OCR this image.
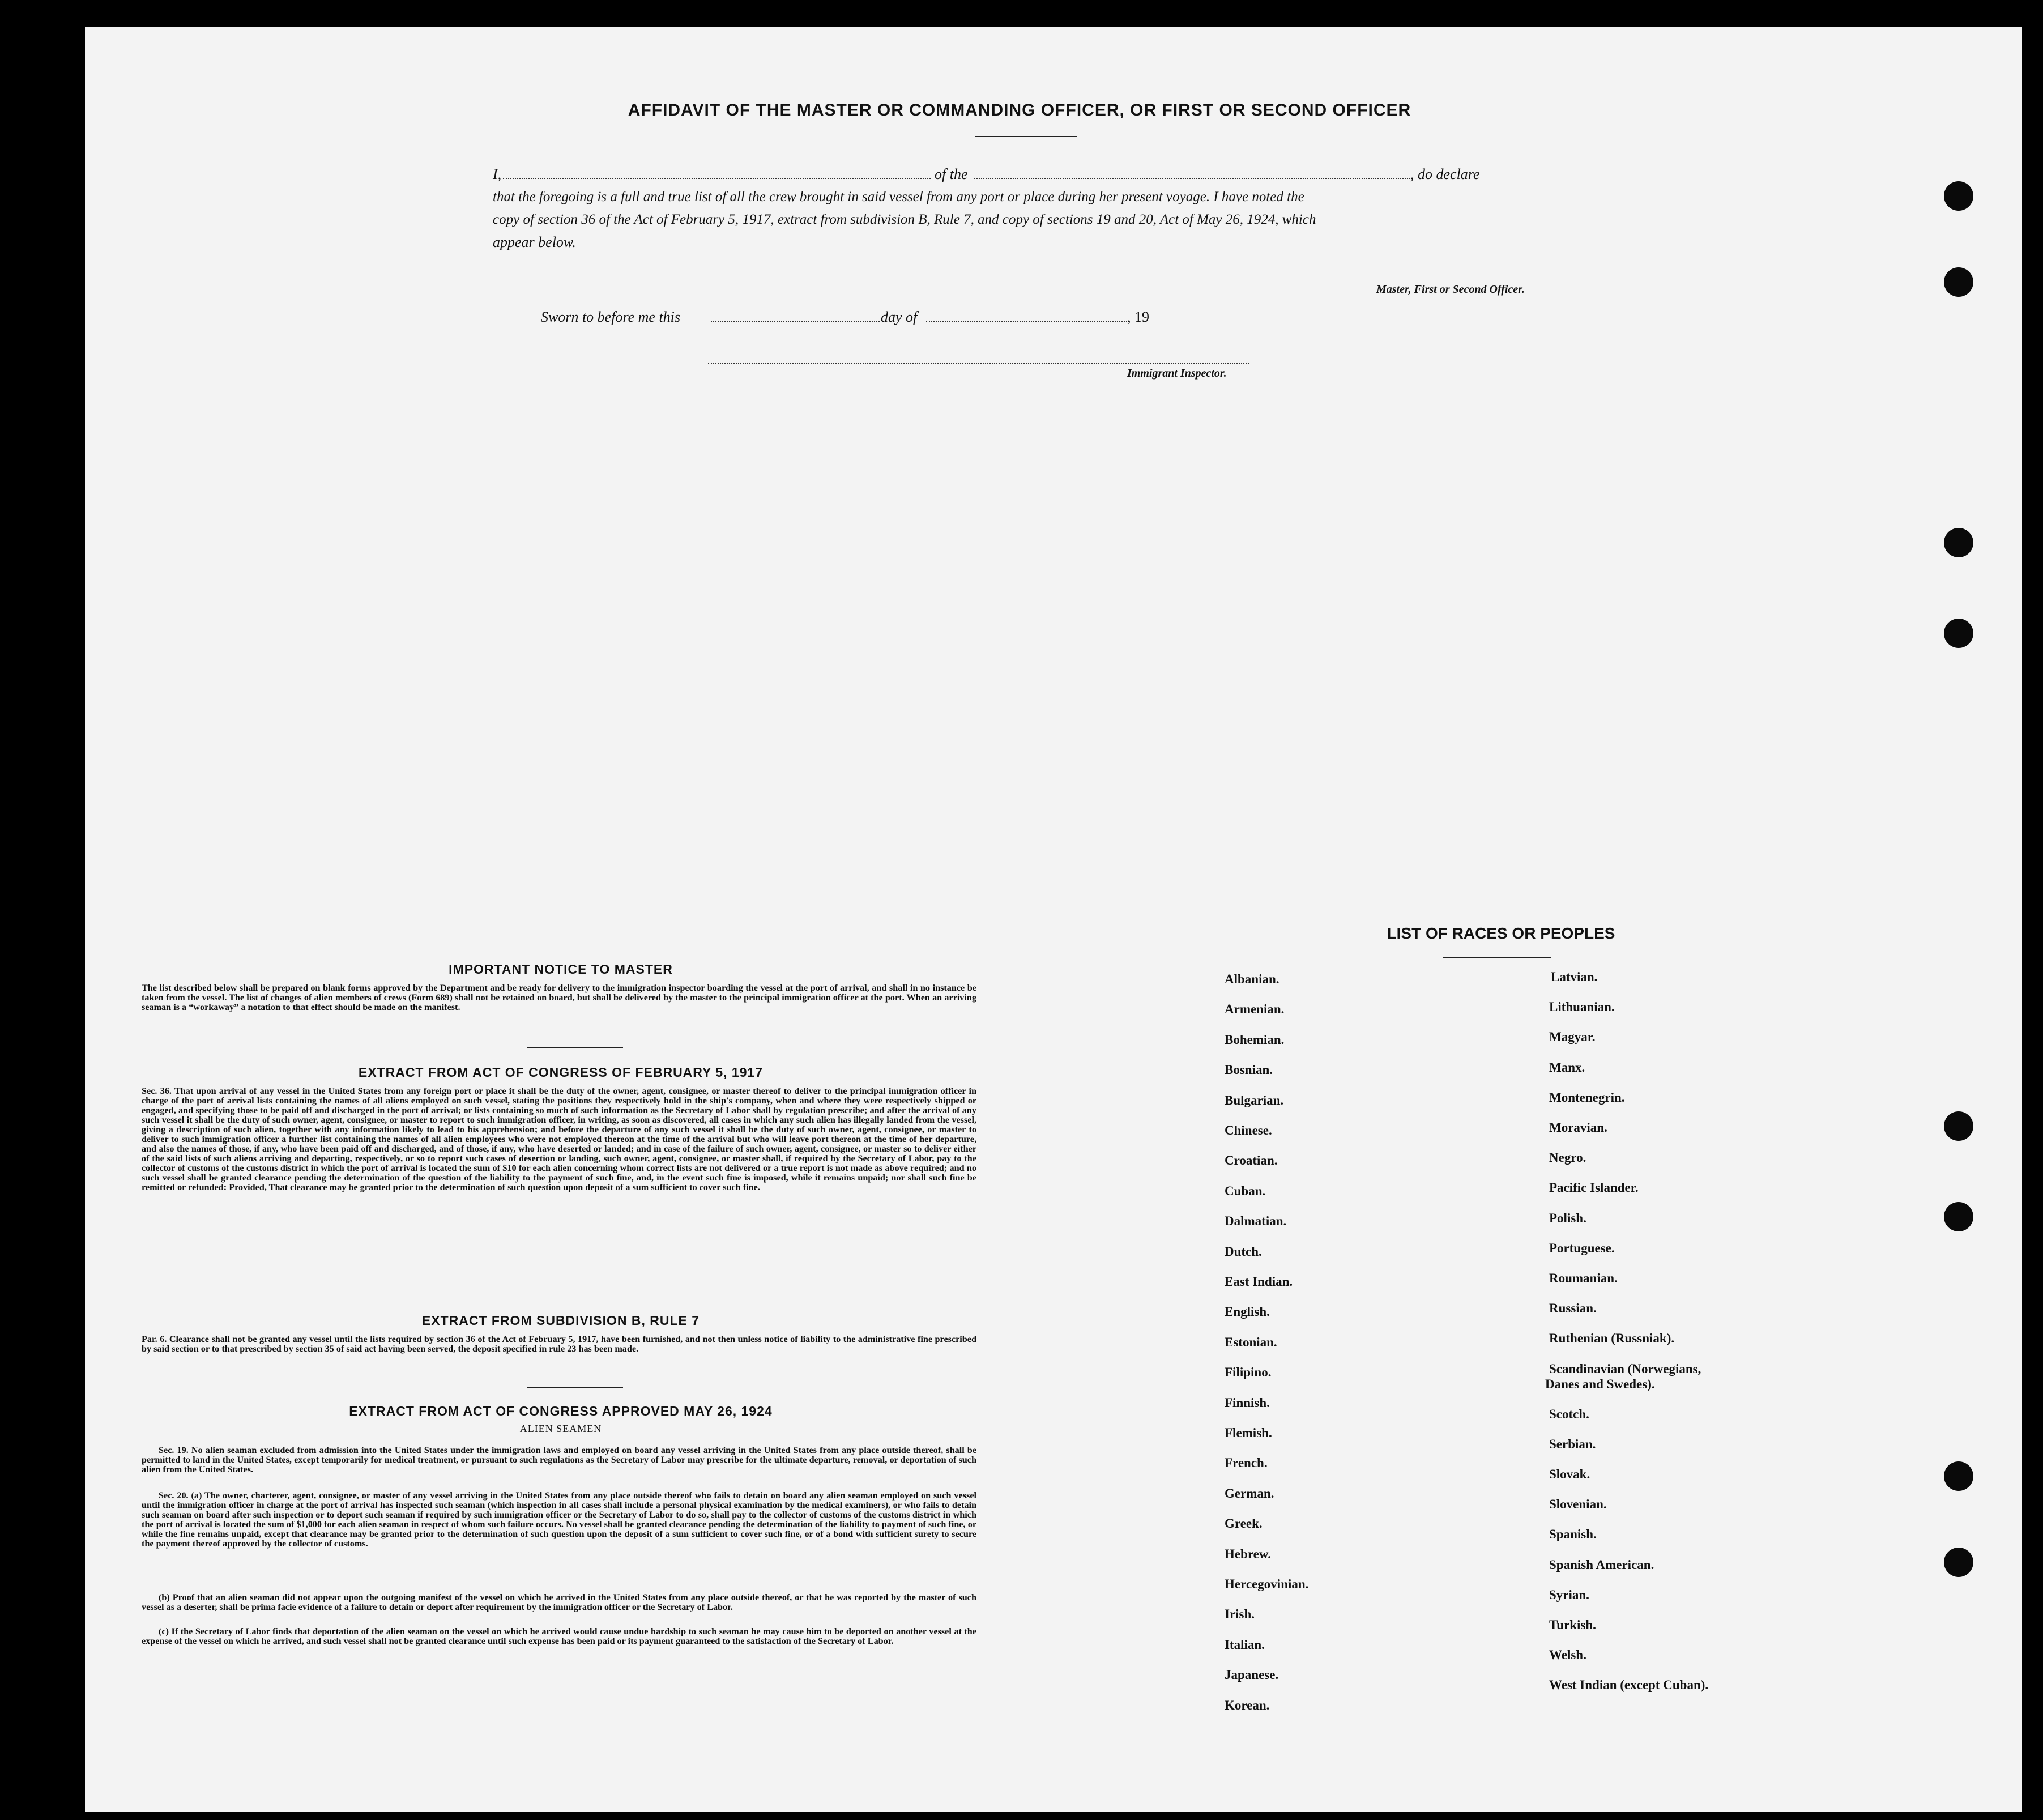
AFFIDAVIT OF THE MASTER OR COMMANDING OFFICER, OR FIRST OR SECOND OFFICER
I,	of the	, do declare
that the foregoing is a full and true list of all the crew brought in said vessel from any port or place during her present voyage. I have noted the
copy of section 36 of the Act of February 5, 1917, extract from subdivision B, Rule 7, and copy of sections 19 and 20, Act of May 26, 1924, which
appear below.
Master, First or Second Officer.
Sworn to before me this	day of	, 19
Immigrant Inspector.
IMPORTANT NOTICE TO MASTER
The list described below shall be prepared on blank forms approved by the Department and be ready for delivery to the immigration inspector boarding the vessel at the port of arrival, and shall in no instance be taken from the vessel. The list of changes of alien members of crews (Form 689) shall not be retained on board, but shall be delivered by the master to the principal immigration officer at the port. When an arriving seaman is a “workaway” a notation to that effect should be made on the manifest.
EXTRACT FROM ACT OF CONGRESS OF FEBRUARY 5, 1917
Sec. 36. That upon arrival of any vessel in the United States from any foreign port or place it shall be the duty of the owner, agent, consignee, or master thereof to deliver to the principal immigration officer in charge of the port of arrival lists containing the names of all aliens employed on such vessel, stating the positions they respectively hold in the ship's company, when and where they were respectively shipped or engaged, and specifying those to be paid off and discharged in the port of arrival; or lists containing so much of such information as the Secretary of Labor shall by regulation prescribe; and after the arrival of any such vessel it shall be the duty of such owner, agent, consignee, or master to report to such immigration officer, in writing, as soon as discovered, all cases in which any such alien has illegally landed from the vessel, giving a description of such alien, together with any information likely to lead to his apprehension; and before the departure of any such vessel it shall be the duty of such owner, agent, consignee, or master to deliver to such immigration officer a further list containing the names of all alien employees who were not employed thereon at the time of the arrival but who will leave port thereon at the time of her departure, and also the names of those, if any, who have been paid off and discharged, and of those, if any, who have deserted or landed; and in case of the failure of such owner, agent, consignee, or master so to deliver either of the said lists of such aliens arriving and departing, respectively, or so to report such cases of desertion or landing, such owner, agent, consignee, or master shall, if required by the Secretary of Labor, pay to the collector of customs of the customs district in which the port of arrival is located the sum of $10 for each alien concerning whom correct lists are not delivered or a true report is not made as above required; and no such vessel shall be granted clearance pending the determination of the question of the liability to the payment of such fine, and, in the event such fine is imposed, while it remains unpaid; nor shall such fine be remitted or refunded: Provided, That clearance may be granted prior to the determination of such question upon deposit of a sum sufficient to cover such fine.
EXTRACT FROM SUBDIVISION B, RULE 7
Par. 6. Clearance shall not be granted any vessel until the lists required by section 36 of the Act of February 5, 1917, have been furnished, and not then unless notice of liability to the administrative fine prescribed by said section or to that prescribed by section 35 of said act having been served, the deposit specified in rule 23 has been made.
EXTRACT FROM ACT OF CONGRESS APPROVED MAY 26, 1924
ALIEN SEAMEN
Sec. 19. No alien seaman excluded from admission into the United States under the immigration laws and employed on board any vessel arriving in the United States from any place outside thereof, shall be permitted to land in the United States, except temporarily for medical treatment, or pursuant to such regulations as the Secretary of Labor may prescribe for the ultimate departure, removal, or deportation of such alien from the United States.
Sec. 20. (a) The owner, charterer, agent, consignee, or master of any vessel arriving in the United States from any place outside thereof who fails to detain on board any alien seaman employed on such vessel until the immigration officer in charge at the port of arrival has inspected such seaman (which inspection in all cases shall include a personal physical examination by the medical examiners), or who fails to detain such seaman on board after such inspection or to deport such seaman if required by such immigration officer or the Secretary of Labor to do so, shall pay to the collector of customs of the customs district in which the port of arrival is located the sum of $1,000 for each alien seaman in respect of whom such failure occurs. No vessel shall be granted clearance pending the determination of the liability to payment of such fine, or while the fine remains unpaid, except that clearance may be granted prior to the determination of such question upon the deposit of a sum sufficient to cover such fine, or of a bond with sufficient surety to secure the payment thereof approved by the collector of customs.
(b) Proof that an alien seaman did not appear upon the outgoing manifest of the vessel on which he arrived in the United States from any place outside thereof, or that he was reported by the master of such vessel as a deserter, shall be prima facie evidence of a failure to detain or deport after requirement by the immigration officer or the Secretary of Labor.
(c) If the Secretary of Labor finds that deportation of the alien seaman on the vessel on which he arrived would cause undue hardship to such seaman he may cause him to be deported on another vessel at the expense of the vessel on which he arrived, and such vessel shall not be granted clearance until such expense has been paid or its payment guaranteed to the satisfaction of the Secretary of Labor.
LIST OF RACES OR PEOPLES
Albanian.
Armenian.
Bohemian.
Bosnian.
Bulgarian.
Chinese.
Croatian.
Cuban.
Dalmatian.
Dutch.
East Indian.
English.
Estonian.
Filipino.
Finnish.
Flemish.
French.
German.
Greek.
Hebrew.
Hercegovinian.
Irish.
Italian.
Japanese.
Korean.
Latvian.
Lithuanian.
Magyar.
Manx.
Montenegrin.
Moravian.
Negro.
Pacific Islander.
Polish.
Portuguese.
Roumanian.
Russian.
Ruthenian (Russniak).
Scandinavian (Norwegians,
Danes and Swedes).
Scotch.
Serbian.
Slovak.
Slovenian.
Spanish.
Spanish American.
Syrian.
Turkish.
Welsh.
West Indian (except Cuban).
